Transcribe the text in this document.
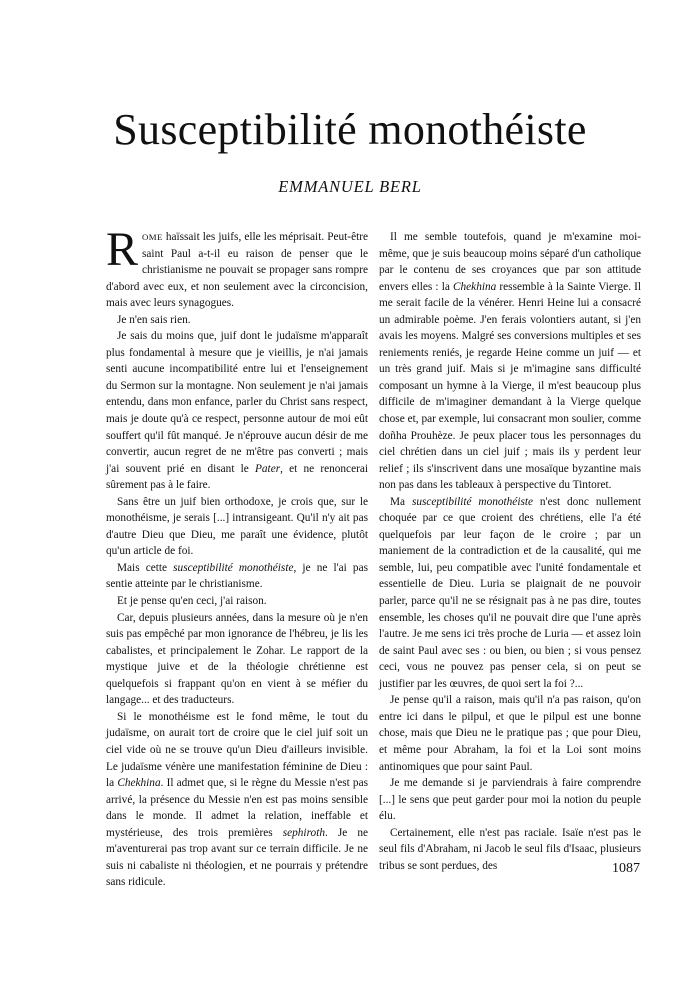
Susceptibilité monothéiste
EMMANUEL BERL

ROME haïssait les juifs, elle les méprisait. Peut-être saint Paul a-t-il eu raison de penser que le christianisme ne pouvait se propager sans rompre d'abord avec eux, et non seulement avec la circoncision, mais avec leurs synagogues.

Je n'en sais rien.

Je sais du moins que, juif dont le judaïsme m'apparaît plus fondamental à mesure que je vieillis, je n'ai jamais senti aucune incompatibilité entre lui et l'enseignement du Sermon sur la montagne. Non seulement je n'ai jamais entendu, dans mon enfance, parler du Christ sans respect, mais je doute qu'à ce respect, personne autour de moi eût souffert qu'il fût manqué. Je n'éprouve aucun désir de me convertir, aucun regret de ne m'être pas converti ; mais j'ai souvent prié en disant le Pater, et ne renoncerai sûrement pas à le faire.

Sans être un juif bien orthodoxe, je crois que, sur le monothéisme, je serais [...] intransigeant. Qu'il n'y ait pas d'autre Dieu que Dieu, me paraît une évidence, plutôt qu'un article de foi.

Mais cette susceptibilité monothéiste, je ne l'ai pas sentie atteinte par le christianisme.

Et je pense qu'en ceci, j'ai raison.

Car, depuis plusieurs années, dans la mesure où je n'en suis pas empêché par mon ignorance de l'hébreu, je lis les cabalistes, et principalement le Zohar. Le rapport de la mystique juive et de la théologie chrétienne est quelquefois si frappant qu'on en vient à se méfier du langage... et des traducteurs.

Si le monothéisme est le fond même, le tout du judaïsme, on aurait tort de croire que le ciel juif soit un ciel vide où ne se trouve qu'un Dieu d'ailleurs invisible. Le judaïsme vénère une manifestation féminine de Dieu : la Chekhina. Il admet que, si le règne du Messie n'est pas arrivé, la présence du Messie n'en est pas moins sensible dans le monde. Il admet la relation, ineffable et mystérieuse, des trois premières sephiroth. Je ne m'aventurerai pas trop avant sur ce terrain difficile. Je ne suis ni cabaliste ni théologien, et ne pourrais y prétendre sans ridicule.

Il me semble toutefois, quand je m'examine moi-même, que je suis beaucoup moins séparé d'un catholique par le contenu de ses croyances que par son attitude envers elles : la Chekhina ressemble à la Sainte Vierge. Il me serait facile de la vénérer. Henri Heine lui a consacré un admirable poème. J'en ferais volontiers autant, si j'en avais les moyens. Malgré ses conversions multiples et ses reniements reniés, je regarde Heine comme un juif — et un très grand juif. Mais si je m'imagine sans difficulté composant un hymne à la Vierge, il m'est beaucoup plus difficile de m'imaginer demandant à la Vierge quelque chose et, par exemple, lui consacrant mon soulier, comme doñha Prouhèze. Je peux placer tous les personnages du ciel chrétien dans un ciel juif ; mais ils y perdent leur relief ; ils s'inscrivent dans une mosaïque byzantine mais non pas dans les tableaux à perspective du Tintoret.

Ma susceptibilité monothéiste n'est donc nullement choquée par ce que croient des chrétiens, elle l'a été quelquefois par leur façon de le croire ; par un maniement de la contradiction et de la causalité, qui me semble, lui, peu compatible avec l'unité fondamentale et essentielle de Dieu. Luria se plaignait de ne pouvoir parler, parce qu'il ne se résignait pas à ne pas dire, toutes ensemble, les choses qu'il ne pouvait dire que l'une après l'autre. Je me sens ici très proche de Luria — et assez loin de saint Paul avec ses : ou bien, ou bien ; si vous pensez ceci, vous ne pouvez pas penser cela, si on peut se justifier par les œuvres, de quoi sert la foi ?...

Je pense qu'il a raison, mais qu'il n'a pas raison, qu'on entre ici dans le pilpul, et que le pilpul est une bonne chose, mais que Dieu ne le pratique pas ; que pour Dieu, et même pour Abraham, la foi et la Loi sont moins antinomiques que pour saint Paul.

Je me demande si je parviendrais à faire comprendre [...] le sens que peut garder pour moi la notion du peuple élu.

Certainement, elle n'est pas raciale. Isaïe n'est pas le seul fils d'Abraham, ni Jacob le seul fils d'Isaac, plusieurs tribus se sont perdues, des	1087
